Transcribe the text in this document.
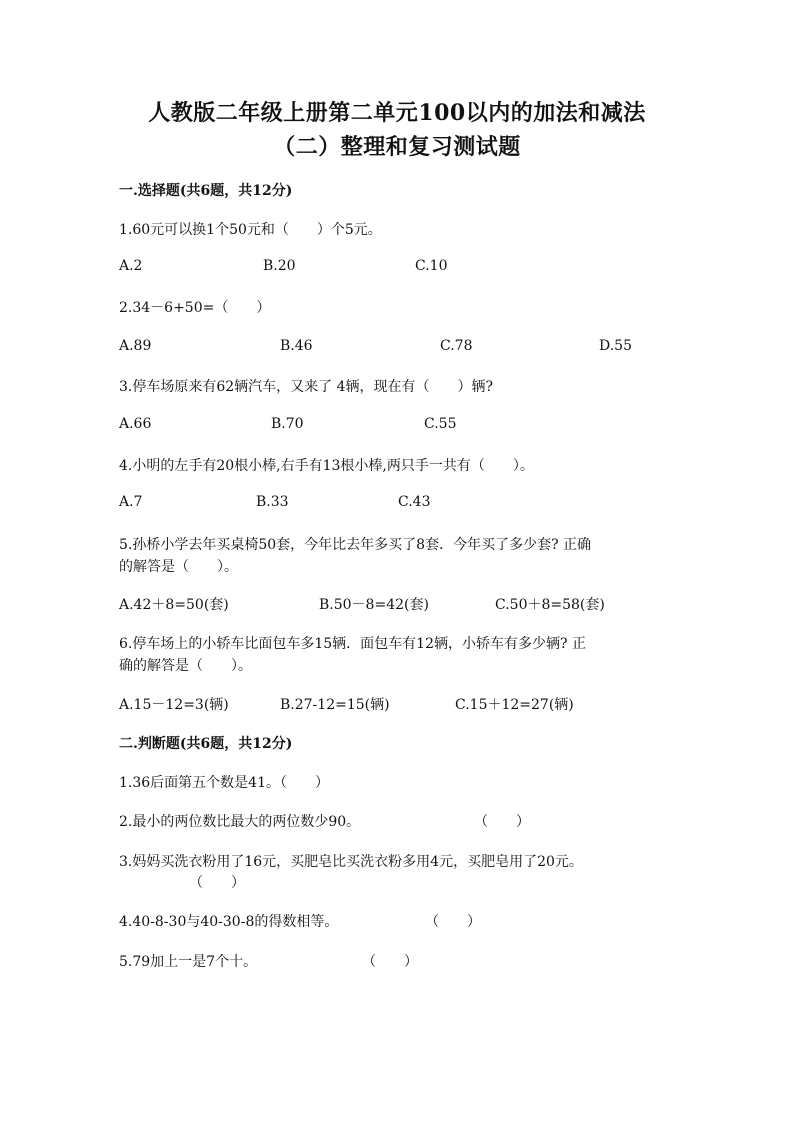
人教版二年级上册第二单元100以内的加法和减法
（二）整理和复习测试题
一.选择题(共6题，共12分)
1.60元可以换1个50元和（　　）个5元。
A.2	B.20	C.10
2.34－6+50=（　　）
A.89	B.46	C.78	D.55
3.停车场原来有62辆汽车，又来了 4辆，现在有（　　）辆?
A.66	B.70	C.55
4.小明的左手有20根小棒,右手有13根小棒,两只手一共有（　　）。
A.7	B.33	C.43
5.孙桥小学去年买桌椅50套，今年比去年多买了8套．今年买了多少套? 正确
的解答是（　　）。
A.42＋8=50(套)	B.50－8=42(套)	C.50＋8=58(套)
6.停车场上的小轿车比面包车多15辆．面包车有12辆，小轿车有多少辆? 正
确的解答是（　　）。
A.15－12=3(辆)	B.27-12=15(辆)	C.15＋12=27(辆)
二.判断题(共6题，共12分)
1.36后面第五个数是41。（　　）
2.最小的两位数比最大的两位数少90。	（　　）
3.妈妈买洗衣粉用了16元，买肥皂比买洗衣粉多用4元，买肥皂用了20元。
（　　）
4.40-8-30与40-30-8的得数相等。	（　　）
5.79加上一是7个十。	（　　）
